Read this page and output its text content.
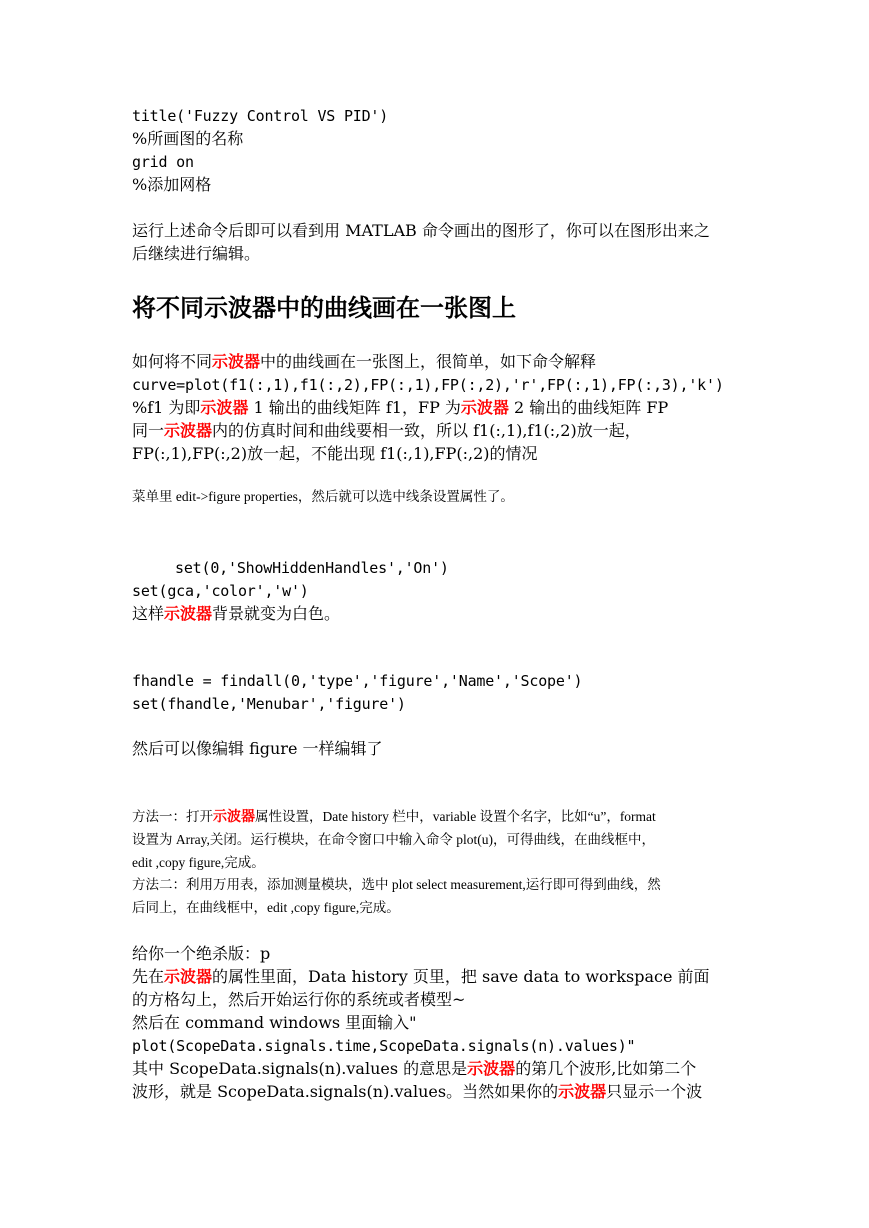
title('Fuzzy Control VS PID')
%所画图的名称
grid on
%添加网格
运行上述命令后即可以看到用 MATLAB 命令画出的图形了，你可以在图形出来之
后继续进行编辑。
将不同示波器中的曲线画在一张图上
如何将不同示波器中的曲线画在一张图上，很简单，如下命令解释
curve=plot(f1(:,1),f1(:,2),FP(:,1),FP(:,2),'r',FP(:,1),FP(:,3),'k')
%f1 为即示波器 1 输出的曲线矩阵 f1，FP 为示波器 2 输出的曲线矩阵 FP
同一示波器内的仿真时间和曲线要相一致，所以 f1(:,1),f1(:,2)放一起，
FP(:,1),FP(:,2)放一起，不能出现 f1(:,1),FP(:,2)的情况
菜单里 edit->figure properties，然后就可以选中线条设置属性了。
set(0,'ShowHiddenHandles','On')
set(gca,'color','w')
这样示波器背景就变为白色。
fhandle = findall(0,'type','figure','Name','Scope')
set(fhandle,'Menubar','figure')
然后可以像编辑 figure 一样编辑了
方法一：打开示波器属性设置，Date history 栏中，variable 设置个名字，比如“u”，format
设置为 Array,关闭。运行模块，在命令窗口中输入命令 plot(u)，可得曲线，在曲线框中，
edit ,copy figure,完成。
方法二：利用万用表，添加测量模块，选中 plot select measurement,运行即可得到曲线，然
后同上，在曲线框中，edit ,copy figure,完成。
给你一个绝杀版：p
先在示波器的属性里面，Data history 页里，把 save data to workspace 前面
的方格勾上，然后开始运行你的系统或者模型~
然后在 command windows 里面输入"
plot(ScopeData.signals.time,ScopeData.signals(n).values)"
其中 ScopeData.signals(n).values 的意思是示波器的第几个波形,比如第二个
波形，就是 ScopeData.signals(n).values。当然如果你的示波器只显示一个波
